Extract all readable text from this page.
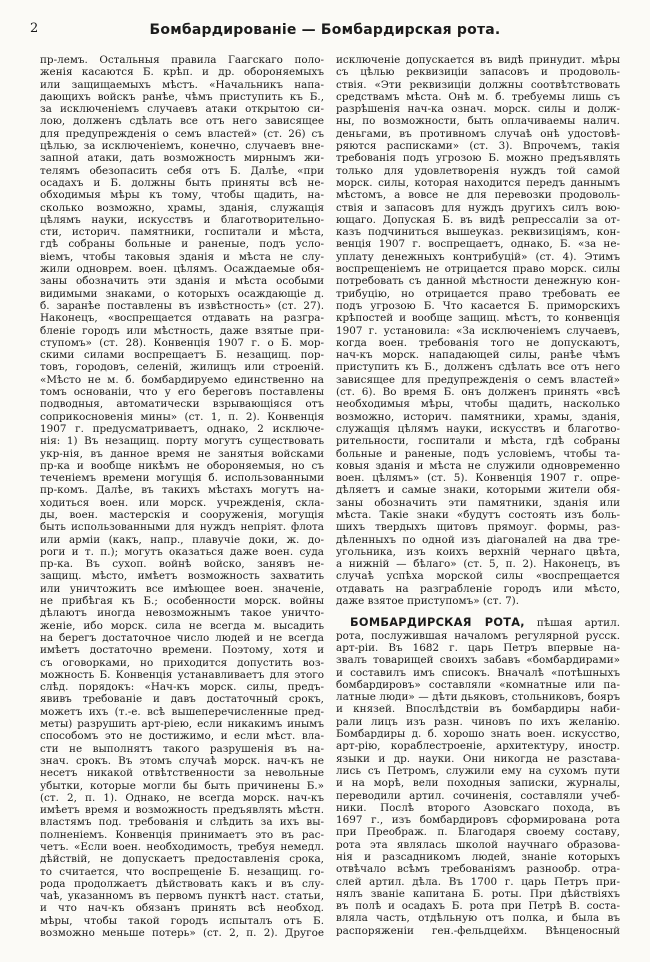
2	Бомбардированіе — Бомбардирская рота.
пр-лемъ. Остальныя правила Гаагскаго поло-
женія касаются Б. крѣп. и др. обороняемыхъ
или защищаемыхъ мѣстъ. «Начальникъ напа-
дающихъ войскъ ранѣе, чѣмъ приступить къ Б.,
за исключеніемъ случаевъ атаки открытою си-
лою, долженъ сдѣлать все отъ него зависящее
для предупрежденія о семъ властей» (ст. 26) съ
цѣлью, за исключеніемъ, конечно, случаевъ вне-
запной атаки, дать возможность мирнымъ жи-
телямъ обезопасить себя отъ Б. Далѣе, «при
осадахъ и Б. должны быть приняты всѣ не-
обходимыя мѣры къ тому, чтобы щадить, на-
сколько возможно, храмы, зданія, служащія
цѣлямъ науки, искусствъ и благотворительно-
сти, историч. памятники, госпитали и мѣста,
гдѣ собраны больные и раненые, подъ усло-
віемъ, чтобы таковыя зданія и мѣста не слу-
жили одноврем. воен. цѣлямъ. Осаждаемые обя-
заны обозначить эти зданія и мѣста особыми
видимыми знаками, о которыхъ осаждающіе д.
б. заранѣе поставлены въ извѣстность» (ст. 27).
Наконецъ, «воспрещается отдавать на разгра-
бленіе городъ или мѣстность, даже взятые при-
ступомъ» (ст. 28). Конвенція 1907 г. о Б. мор-
скими силами воспрещаетъ Б. незащищ. пор-
товъ, городовъ, селеній, жилищъ или строеній.
«Мѣсто не м. б. бомбардируемо единственно на
томъ основаніи, что у его береговъ поставлены
подводныя, автоматически взрывающіяся отъ
соприкосновенія мины» (ст. 1, п. 2). Конвенція
1907 г. предусматриваетъ, однако, 2 исключе-
нія: 1) Въ незащищ. порту могутъ существовать
укр-нія, въ данное время не занятыя войсками
пр-ка и вообще никѣмъ не обороняемыя, но съ
теченіемъ времени могущія б. использованными
пр-комъ. Далѣе, въ такихъ мѣстахъ могутъ на-
ходиться воен. или морск. учрежденія, скла-
ды, воен. мастерскія и сооруженія, могущія
быть использованными для нуждъ непріят. флота
или арміи (какъ, напр., плавучіе доки, ж. до-
роги и т. п.); могутъ оказаться даже воен. суда
пр-ка. Въ сухоп. войнѣ войско, занявъ не-
защищ. мѣсто, имѣетъ возможность захватить
или уничтожить все имѣющее воен. значеніе,
не прибѣгая къ Б.; особенности морск. войны
дѣлаютъ иногда невозможнымъ такое уничто-
женіе, ибо морск. сила не всегда м. высадить
на берегъ достаточное число людей и не всегда
имѣетъ достаточно времени. Поэтому, хотя и
съ оговорками, но приходится допустить воз-
можность Б. Конвенція устанавливаетъ для этого
слѣд. порядокъ: «Нач-къ морск. силы, предъ-
явивъ требованіе и давъ достаточный срокъ,
можетъ ихъ (т.-е. всѣ вышеперечисленные пред-
меты) разрушить арт-ріею, если никакимъ инымъ
способомъ это не достижимо, и если мѣст. вла-
сти не выполнятъ такого разрушенія въ на-
знач. срокъ. Въ этомъ случаѣ морск. нач-къ не
несетъ никакой отвѣтственности за невольные
убытки, которые могли бы быть причинены Б.»
(ст. 2, п. 1). Однако, не всегда морск. нач-къ
имѣетъ время и возможность предъявлять мѣстн.
властямъ под. требованія и слѣдить за ихъ вы-
полненіемъ. Конвенція принимаетъ это въ рас-
четъ. «Если воен. необходимость, требуя немедл.
дѣйствій, не допускаетъ предоставленія срока,
то считается, что воспрещеніе Б. незащищ. го-
рода продолжаетъ дѣйствовать какъ и въ слу-
чаѣ, указанномъ въ первомъ пунктѣ наст. статьи,
и что нач-къ обязанъ принять всѣ необход.
мѣры, чтобы такой городъ испыталъ отъ Б.
возможно меньше потерь» (ст. 2, п. 2). Другое
исключеніе допускается въ видѣ принудит. мѣры
съ цѣлью реквизиціи запасовъ и продоволь-
ствія. «Эти реквизиціи должны соотвѣтствовать
средствамъ мѣста. Онѣ м. б. требуемы лишь съ
разрѣшенія нач-ка означ. морск. силы и долж-
ны, по возможности, быть оплачиваемы налич.
деньгами, въ противномъ случаѣ онѣ удостовѣ-
ряются расписками» (ст. 3). Впрочемъ, такія
требованія подъ угрозою Б. можно предъявлять
только для удовлетворенія нуждъ той самой
морск. силы, которая находится передъ даннымъ
мѣстомъ, а вовсе не для перевозки продоволь-
ствія и запасовъ для нуждъ другихъ силъ вою-
ющаго. Допуская Б. въ видѣ репрессаліи за от-
казъ подчиниться вышеуказ. реквизиціямъ, кон-
венція 1907 г. воспрещаетъ, однако, Б. «за не-
уплату денежныхъ контрибуцій» (ст. 4). Этимъ
воспрещеніемъ не отрицается право морск. силы
потребовать съ данной мѣстности денежную кон-
трибуцію, но отрицается право требовать ее
подъ угрозою Б. Что касается Б. приморскихъ
крѣпостей и вообще защищ. мѣстъ, то конвенція
1907 г. установила: «За исключеніемъ случаевъ,
когда воен. требованія того не допускаютъ,
нач-къ морск. нападающей силы, ранѣе чѣмъ
приступить къ Б., долженъ сдѣлать все отъ него
зависящее для предупрежденія о семъ властей»
(ст. 6). Во время Б. онъ долженъ принять «всѣ
необходимыя мѣры, чтобы щадить, насколько
возможно, историч. памятники, храмы, зданія,
служащія цѣлямъ науки, искусствъ и благотво-
рительности, госпитали и мѣста, гдѣ собраны
больные и раненые, подъ условіемъ, чтобы та-
ковыя зданія и мѣста не служили одновременно
воен. цѣлямъ» (ст. 5). Конвенція 1907 г. опре-
дѣляетъ и самые знаки, которыми жители обя-
заны обозначить эти памятники, зданія или
мѣста. Такіе знаки «будутъ состоять изъ боль-
шихъ твердыхъ щитовъ прямоуг. формы, раз-
дѣленныхъ по одной изъ діагоналей на два тре-
угольника, изъ коихъ верхній чернаго цвѣта,
а нижній — бѣлаго» (ст. 5, п. 2). Наконецъ, въ
случаѣ успѣха морской силы «воспрещается
отдавать на разграбленіе городъ или мѣсто,
даже взятое приступомъ» (ст. 7).
БОМБАРДИРСКАЯ РОТА, пѣшая артил.
рота, послужившая началомъ регулярной русск.
арт-ріи. Въ 1682 г. царь Петръ впервые на-
звалъ товарищей своихъ забавъ «бомбардирами»
и составилъ имъ списокъ. Вначалѣ «потѣшныхъ
бомбардировъ» составляли «комнатные или па-
латные люди» — дѣти дьяковъ, стольниковъ, бояръ
и князей. Впослѣдствіи въ бомбардиры наби-
рали лицъ изъ разн. чиновъ по ихъ желанію.
Бомбардиры д. б. хорошо знать воен. искусство,
арт-рію, кораблестроеніе, архитектуру, иностр.
языки и др. науки. Они никогда не разстава-
лись съ Петромъ, служили ему на сухомъ пути
и на морѣ, вели походныя записки, журналы,
переводили артил. сочиненія, составляли учеб-
ники. Послѣ второго Азовскаго похода, въ
1697 г., изъ бомбардировъ сформирована рота
при Преображ. п. Благодаря своему составу,
рота эта являлась школой научнаго образова-
нія и разсадникомъ людей, знаніе которыхъ
отвѣчало всѣмъ требованіямъ разнообр. отра-
слей артил. дѣла. Въ 1700 г. царь Петръ при-
нялъ званіе капитана Б. роты. При дѣйствіяхъ
въ полѣ и осадахъ Б. рота при Петрѣ В. соста-
вляла часть, отдѣльную отъ полка, и была въ
распоряженіи ген.-фельдцейхм. Вѣнценосный
